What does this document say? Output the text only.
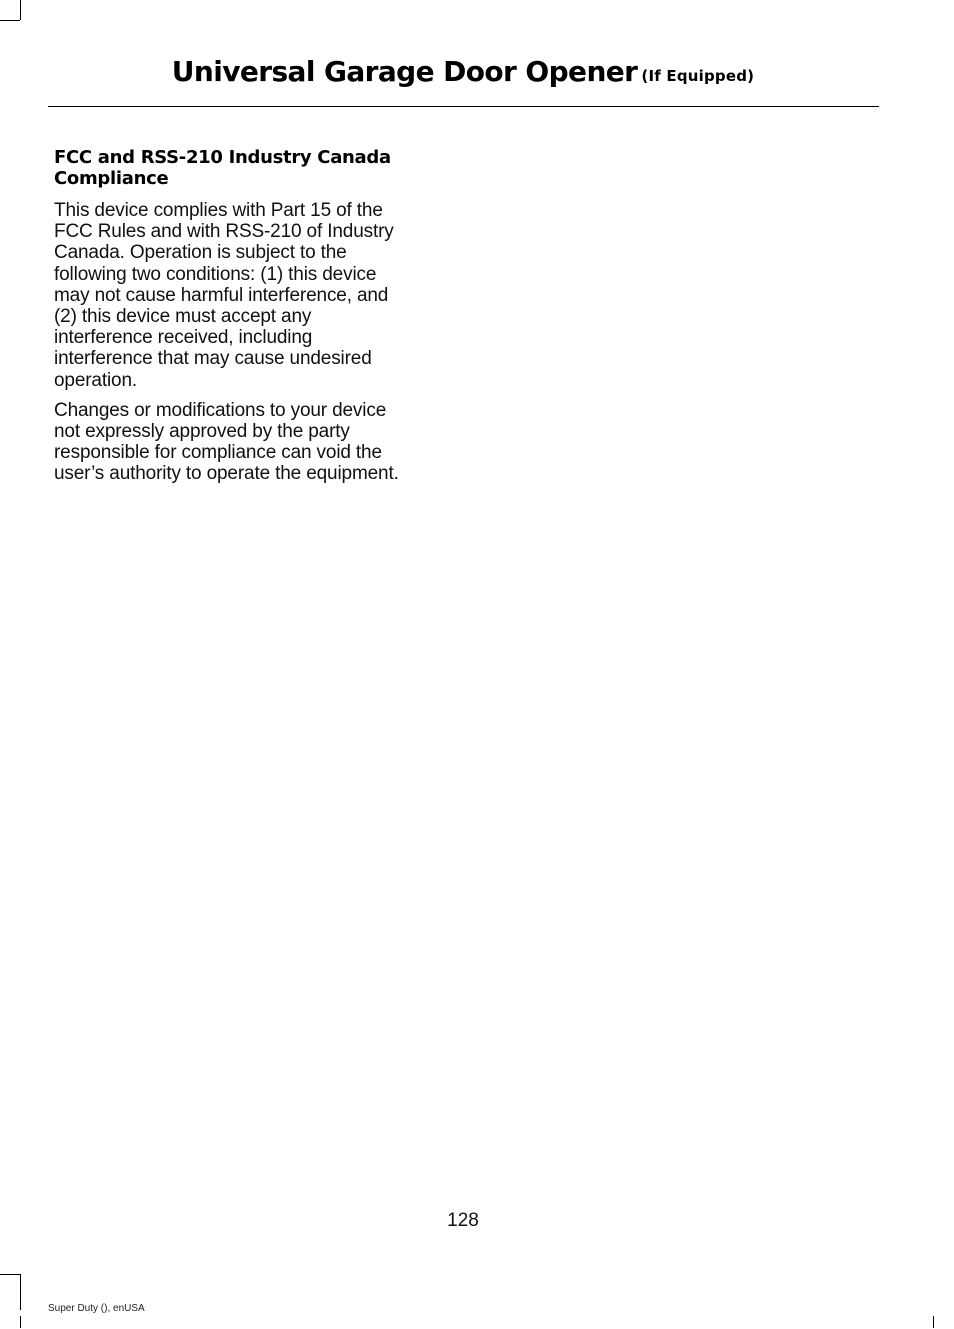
Universal Garage Door Opener (If Equipped)
FCC and RSS-210 Industry Canada
Compliance

This device complies with Part 15 of the
FCC Rules and with RSS-210 of Industry
Canada. Operation is subject to the
following two conditions: (1) this device
may not cause harmful interference, and
(2) this device must accept any
interference received, including
interference that may cause undesired
operation.

Changes or modifications to your device
not expressly approved by the party
responsible for compliance can void the
user’s authority to operate the equipment.

128
Super Duty (), enUSA
